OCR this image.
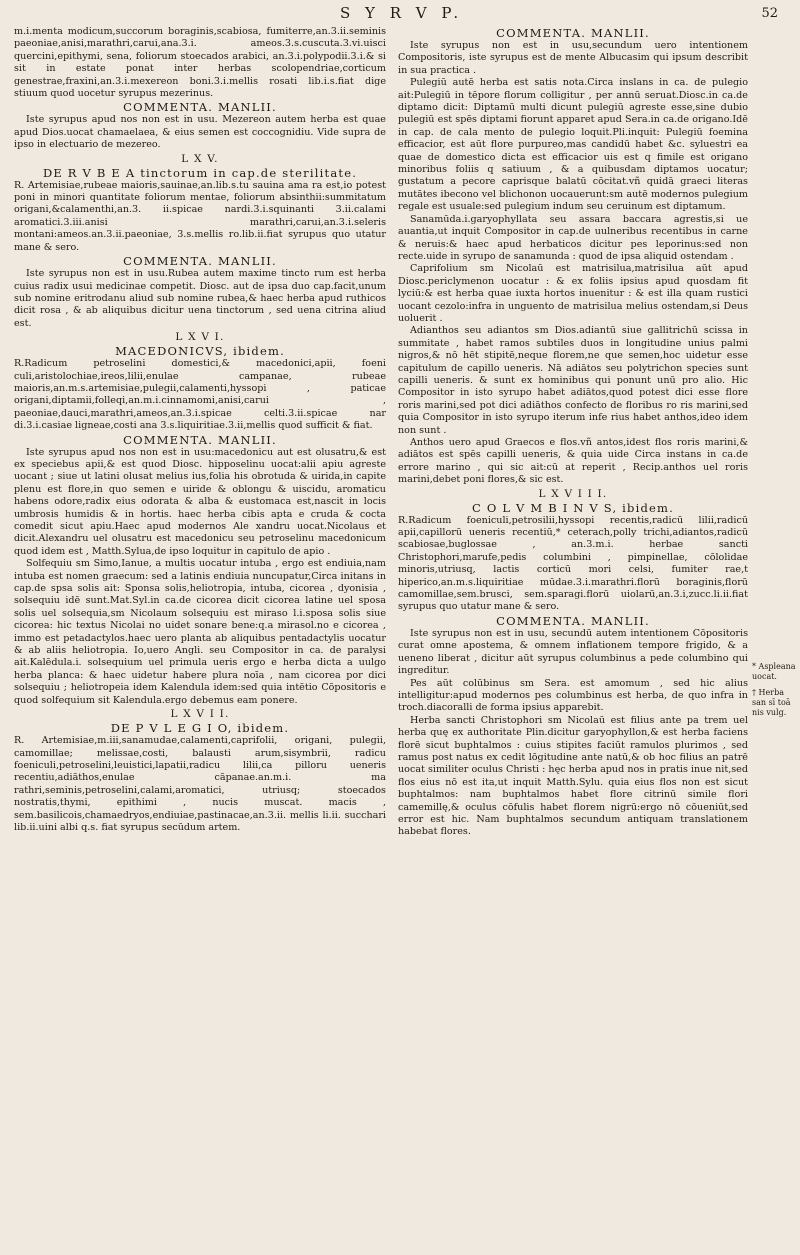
S Y R V P.	52

m.i.menta modicum,succorum boraginis,scabiosa, fumiterre,an.3.ii.seminis paeoniae,anisi,marathri,carui,ana.3.i. ameos.3.s.cuscuta.3.vi.uisci quercini,epithymi, sena, foliorum stoecados arabici, an.3.i.polypodii.3.i.& si sit in estate ponat inter herbas scolopendriae,corticum genestrae,fraxini,an.3.i.mexereon boni.3.i.mellis rosati lib.i.s.fiat dige stiuum quod uocetur syrupus mezerinus.

COMMENTA. MANLII.

Iste syrupus apud nos non est in usu. Mezereon autem herba est quae apud Dios.uocat chamaelaea, & eius semen est coccognidiu. Vide supra de ipso in electuario de mezereo.

L X V.

DE R V B E A tinctorum in cap.de sterilitate.

R. Artemisiae,rubeae maioris,sauinae,an.lib.s.tu sauina ama ra est,io potest poni in minori quantitate foliorum mentae, foliorum absinthii:summitatum origani,&calamenthi,an.3. ii.spicae nardi.3.i.squinanti 3.ii.calami aromatici.3.iii.anisi marathri,carui,an.3.i.seleris montani:ameos.an.3.ii.paeoniae, 3.s.mellis ro.lib.ii.fiat syrupus quo utatur mane & sero.

COMMENTA. MANLII.

Iste syrupus non est in usu.Rubea autem maxime tincto rum est herba cuius radix usui medicinae competit. Diosc. aut de ipsa duo cap.facit,unum sub nomine eritrodanu aliud sub nomine rubea,& haec herba apud ruthicos dicit rosa , & ab aliquibus dicitur uena tinctorum , sed uena citrina aliud est.

L X V I.

MACEDONICVS, ibidem.

R.Radicum petroselini domestici,& macedonici,apii, foeni culi,aristolochiae,ireos,lilii,enulae campanae, rubeae maioris,an.m.s.artemisiae,pulegii,calamenti,hyssopi , paticae origani,diptamii,folleqi,an.m.i.cinnamomi,anisi,carui , paeoniae,dauci,marathri,ameos,an.3.i.spicae celti.3.ii.spicae nar di.3.i.casiae ligneae,costi ana 3.s.liquiritiae.3.ii,mellis quod sufficit & fiat.

COMMENTA. MANLII.

Iste syrupus apud nos non est in usu:macedonicu aut est olusatru,& est ex speciebus apii,& est quod Diosc. hipposelinu uocat:alii apiu agreste uocant ; siue ut latini olusat melius ius,folia his obrotuda & uirida,in capite plenu est flore,in quo semen e uiride & oblongu & uiscidu, aromaticu habens odore,radix eius odorata & alba & eustomaca est,nascit in locis umbrosis humidis & in hortis. haec herba cibis apta e cruda & cocta comedit sicut apiu.Haec apud modernos Ale xandru uocat.Nicolaus et dicit.Alexandru uel olusatru est macedonicu seu petroselinu macedonicum quod idem est , Matth.Sylua,de ipso loquitur in capitulo de apio .

Solfequiu sm Simo,Ianue, a multis uocatur intuba , ergo est endiuia,nam intuba est nomen graecum: sed a latinis endiuia nuncupatur,Circa initans in cap.de spsa solis ait: Sponsa solis,heliotropia, intuba, cicorea , dyonisia , solsequiu idē sunt.Mat.Syl.in ca.de cicorea dicit cicorea latine uel sposa solis uel solsequia,sm Nicolaum solsequiu est miraso l.i.sposa solis siue cicorea: hic textus Nicolai no uidet sonare bene:q.a mirasol.no e cicorea , immo est petadactylos.haec uero planta ab aliquibus pentadactylis uocatur & ab aliis heliotropia. Io,uero Angli. seu Compositor in ca. de paralysi ait.Kalēdula.i. solsequium uel primula ueris ergo e herba dicta a uulgo herba planca: & haec uidetur habere plura noīa , nam cicorea por dici solsequiu ; heliotropeia idem Kalendula idem:sed quia intētio Cōpositoris e quod solfequium sit Kalendula.ergo debemus eam ponere.

L X V I I.

DE P V L E G I O, ibidem.

R. Artemisiae,m.iii,sanamudae,calamenti,caprifolii, origani, pulegii, camomillae; melissae,costi, balausti arum,sisymbrii, radicu foeniculi,petroselini,leuistici,lapatii,radicu lilii,ca pilloru ueneris recentiu,adiāthos,enulae cāpanae.an.m.i. ma rathri,seminis,petroselini,calami,aromatici, utriusq; stoecados nostratis,thymi, epithimi , nucis muscat. macis , sem.basilicois,chamaedryos,endiuiae,pastinacae,an.3.ii. mellis li.ii. succhari lib.ii.uini albi q.s. fiat syrupus secūdum artem.

COMMENTA. MANLII.

Iste syrupus non est in usu,secundum uero intentionem Compositoris, iste syrupus est de mente Albucasim qui ipsum describit in sua practica .

Pulegiū autē herba est satis nota.Circa inslans in ca. de pulegio ait:Pulegiū in tēpore florum colligitur , per annū seruat.Diosc.in ca.de diptamo dicit: Diptamū multi dicunt pulegiū agreste esse,sine dubio pulegiū est spēs diptami fiorunt apparet apud Sera.in ca.de origano.Idē in cap. de cala mento de pulegio loquit.Pli.inquit: Pulegiū foemina efficacior, est aūt flore purpureo,mas candidū habet &c. syluestri ea quae de domestico dicta est efficacior uis est q fimile est origano minoribus foliis q satiuum , & a quibusdam diptamos uocatur; gustatum a pecore caprisque balatū cōcitat.vñ quidā graeci literas mutātes ibecono vel blichonon uocauerunt:sm autē modernos pulegium regale est usuale:sed pulegium indum seu ceruinum est diptamum.

Sanamūda.i.garyophyllata seu assara baccara agrestis,si ue auantia,ut inquit Compositor in cap.de uulneribus recentibus in carne & neruis:& haec apud herbaticos dicitur pes leporinus:sed non recte.uide in syrupo de sanamunda : quod de ipsa aliquid ostendam .

Caprifolium sm Nicolaū est matrisilua,matrisilua aūt apud Diosc.periclymenon uocatur : & ex foliis ipsius apud quosdam fit lyciū:& est herba quae iuxta hortos inuenitur : & est illa quam rustici uocant cezolo:infra in unguento de matrisilua melius ostendam,si Deus uoluerit .

Adianthos seu adiantos sm Dios.adiantū siue gallitrichū scissa in summitate , habet ramos subtiles duos in longitudine unius palmi nigros,& nō hēt stipitē,neque florem,ne que semen,hoc uidetur esse capitulum de capillo ueneris. Nā adiātos seu polytrichon species sunt capilli ueneris. & sunt ex hominibus qui ponunt unū pro alio. Hic Compositor in isto syrupo habet adiātos,quod potest dici esse flore roris marini,sed pot dici adiāthos confecto de floribus ro ris marini,sed quia Compositor in isto syrupo iterum infe rius habet anthos,ideo idem non sunt .

Anthos uero apud Graecos e flos.vñ antos,idest flos roris marini,& adiātos est spēs capilli ueneris, & quia uide Circa instans in ca.de errore marino , qui sic ait:cū at reperit , Recip.anthos uel roris marini,debet poni flores,& sic est.

L X V I I I.

C O L V M B I N V S, ibidem.

R.Radicum foeniculi,petrosilii,hyssopi recentis,radicū lilii,radicū apii,capillorū ueneris recentiū,* ceterach,polly trichi,adiantos,radicū scabiosae,buglossae , an.3.m.i. herbae sancti Christophori,marufe,pedis columbini , pimpinellae, cōlolidae minoris,utriusq, lactis corticū mori celsi, fumiter rae,t hiperico,an.m.s.liquiritiae mūdae.3.i.marathri.florū boraginis,florū camomillae,sem.brusci, sem.sparagi.florū uiolarū,an.3.i,zucc.li.ii.fiat syrupus quo utatur mane & sero.

COMMENTA. MANLII.

Iste syrupus non est in usu, secundū autem intentionem Cōpositoris curat omne apostema, & omnem inflationem tempore frigido, & a ueneno liberat , dicitur aūt syrupus columbinus a pede columbino qui ingreditur.

Pes aūt colūbinus sm Sera. est amomum , sed hic alius intelligitur:apud modernos pes columbinus est herba, de quo infra in troch.diacoralli de forma ipsius apparebit.

Herba sancti Christophori sm Nicolaū est filius ante pa trem uel herba quę ex authoritate Plin.dicitur garyophyllon,& est herba faciens florē sicut buphtalmos : cuius stipites faciūt ramulos plurimos , sed ramus post natus ex cedit lōgitudine ante natū,& ob hoc filius an patrē uocat similiter oculus Christi : hęc herba apud nos in pratis inue nit,sed flos eius nō est ita,ut inquit Matth.Sylu. quia eius flos non est sicut buphtalmos: nam buphtalmos habet flore citrinū simile flori camemillę,& oculus cōfulis habet florem nigrū:ergo nō cōueniūt,sed error est hic. Nam buphtalmos secundum antiquam translationem habebat flores.

* Aspleana uocat.
† Herba san sī toā nis vulg.
